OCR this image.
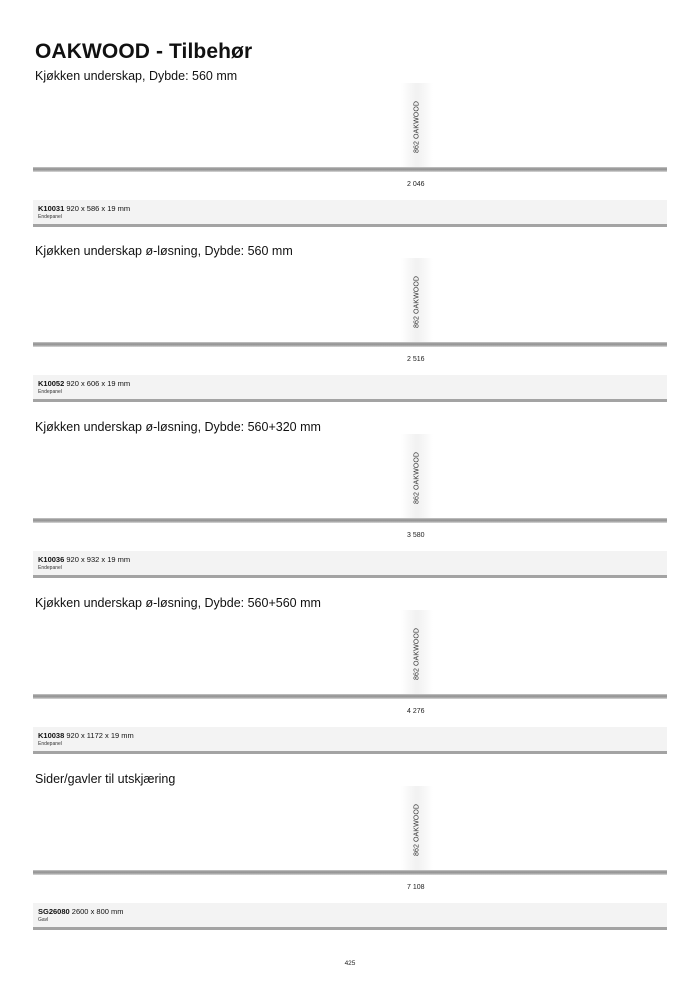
OAKWOOD - Tilbehør
Kjøkken underskap, Dybde: 560 mm
862 OAKWOOD
2 046
K10031 920 x 586 x 19 mm
Endepanel
Kjøkken underskap ø-løsning, Dybde: 560 mm
862 OAKWOOD
2 516
K10052 920 x 606 x 19 mm
Endepanel
Kjøkken underskap ø-løsning, Dybde: 560+320 mm
862 OAKWOOD
3 580
K10036 920 x 932 x 19 mm
Endepanel
Kjøkken underskap ø-løsning, Dybde: 560+560 mm
862 OAKWOOD
4 276
K10038 920 x 1172 x 19 mm
Endepanel
Sider/gavler til utskjæring
862 OAKWOOD
7 108
SG26080 2600 x 800 mm
Gavl
425
